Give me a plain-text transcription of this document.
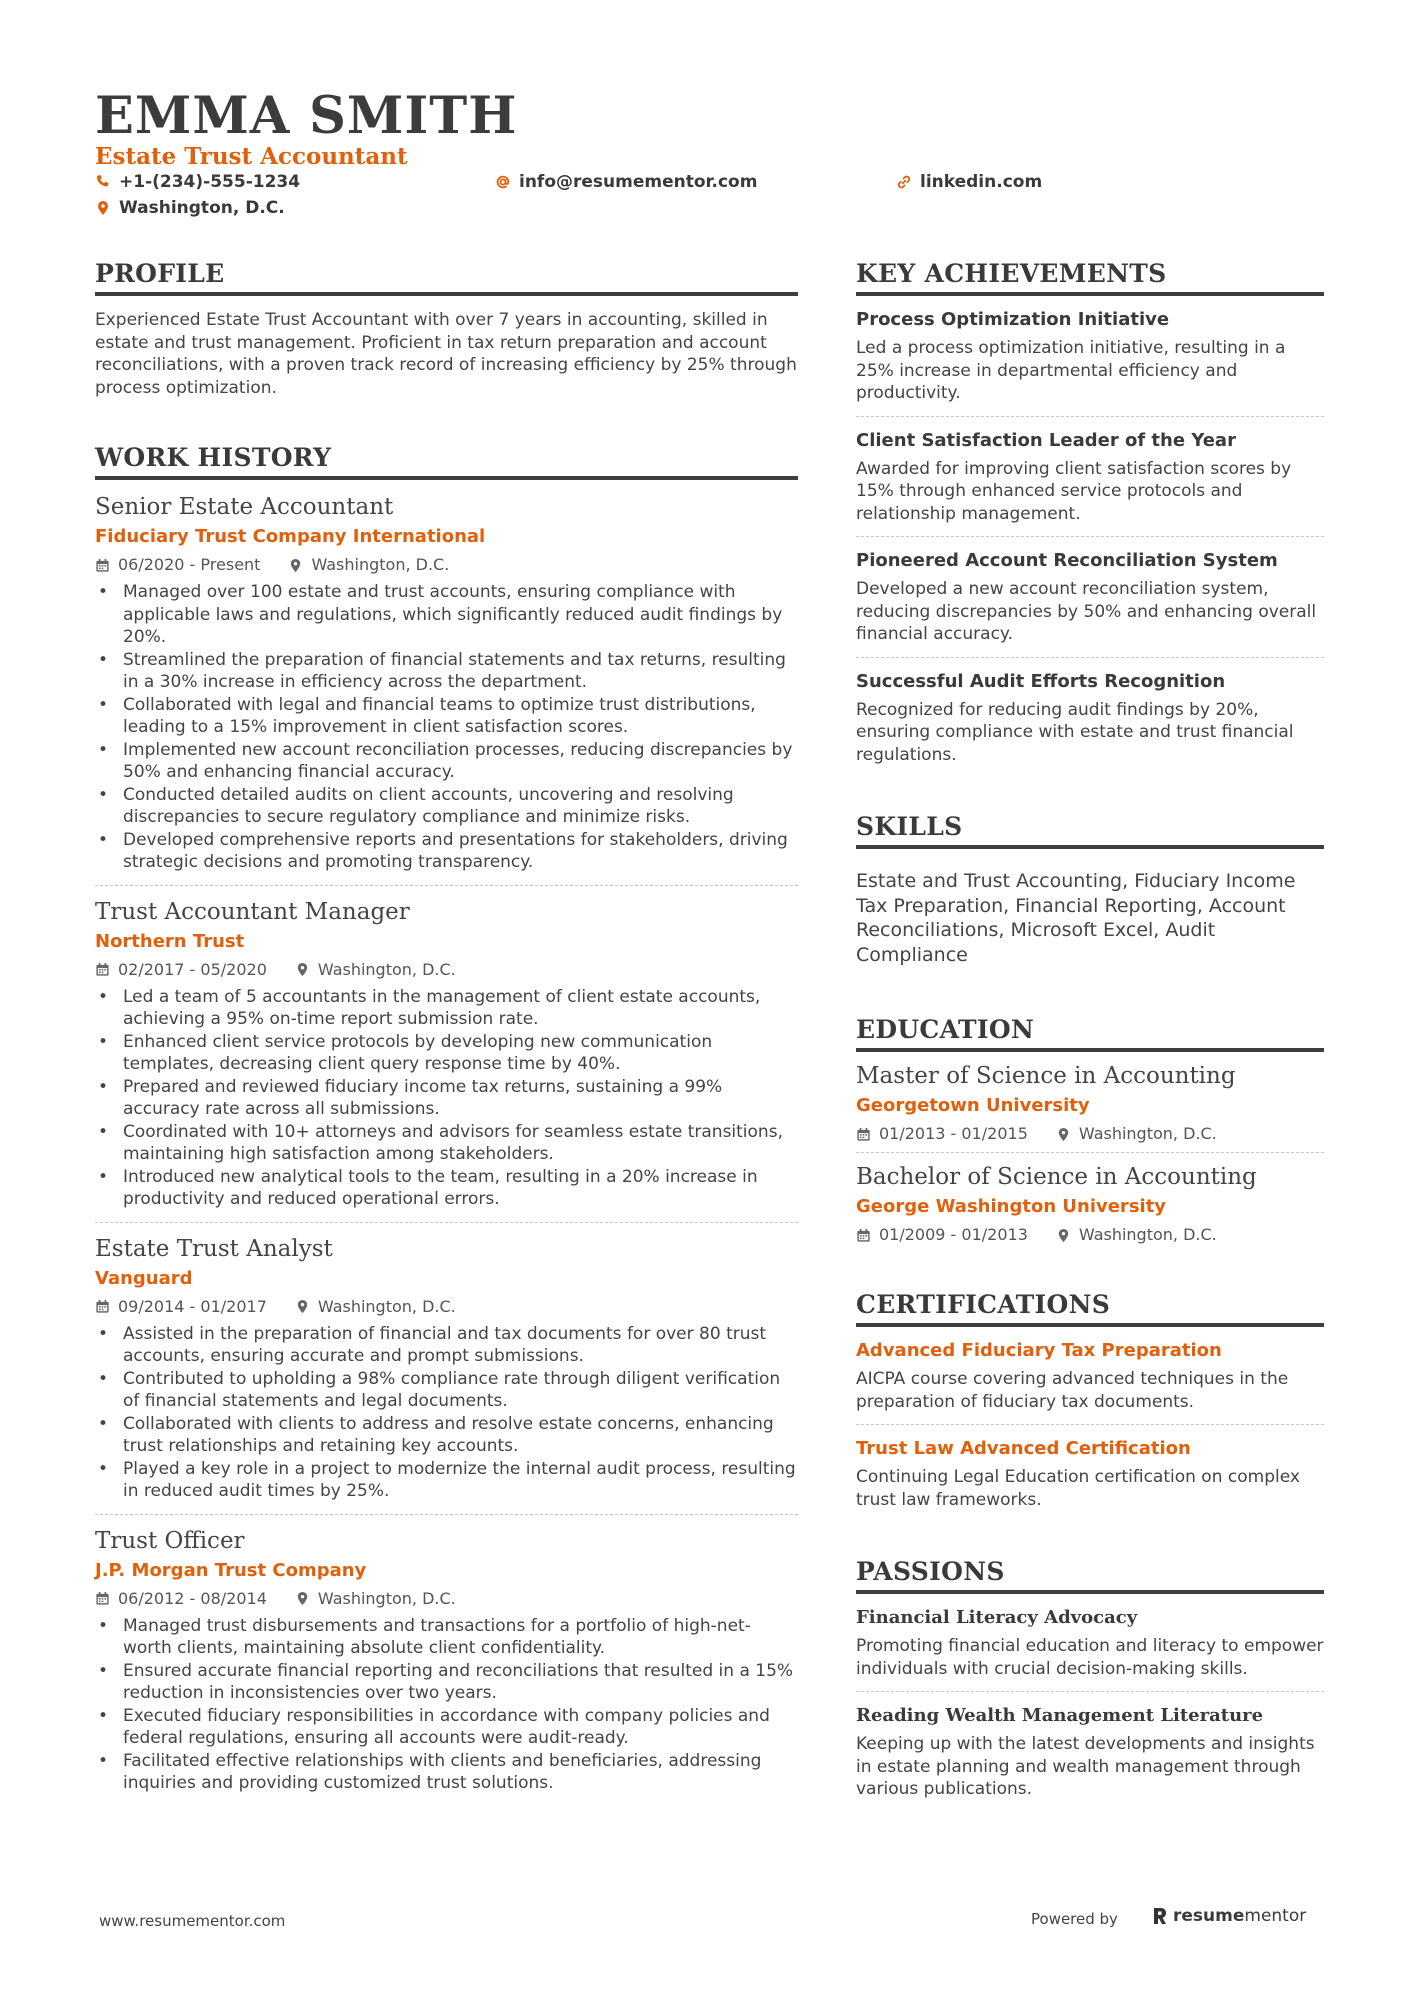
EMMA SMITH
Estate Trust Accountant
+1-(234)-555-1234	info@resumementor.com	linkedin.com
Washington, D.C.
PROFILE
Experienced Estate Trust Accountant with over 7 years in accounting, skilled in estate and trust management. Proficient in tax return preparation and account reconciliations, with a proven track record of increasing efficiency by 25% through process optimization.
WORK HISTORY
Senior Estate Accountant
Fiduciary Trust Company International
06/2020 - Present	Washington, D.C.
• Managed over 100 estate and trust accounts, ensuring compliance with applicable laws and regulations, which significantly reduced audit findings by 20%.
• Streamlined the preparation of financial statements and tax returns, resulting in a 30% increase in efficiency across the department.
• Collaborated with legal and financial teams to optimize trust distributions, leading to a 15% improvement in client satisfaction scores.
• Implemented new account reconciliation processes, reducing discrepancies by 50% and enhancing financial accuracy.
• Conducted detailed audits on client accounts, uncovering and resolving discrepancies to secure regulatory compliance and minimize risks.
• Developed comprehensive reports and presentations for stakeholders, driving strategic decisions and promoting transparency.
Trust Accountant Manager
Northern Trust
02/2017 - 05/2020	Washington, D.C.
• Led a team of 5 accountants in the management of client estate accounts, achieving a 95% on-time report submission rate.
• Enhanced client service protocols by developing new communication templates, decreasing client query response time by 40%.
• Prepared and reviewed fiduciary income tax returns, sustaining a 99% accuracy rate across all submissions.
• Coordinated with 10+ attorneys and advisors for seamless estate transitions, maintaining high satisfaction among stakeholders.
• Introduced new analytical tools to the team, resulting in a 20% increase in productivity and reduced operational errors.
Estate Trust Analyst
Vanguard
09/2014 - 01/2017	Washington, D.C.
• Assisted in the preparation of financial and tax documents for over 80 trust accounts, ensuring accurate and prompt submissions.
• Contributed to upholding a 98% compliance rate through diligent verification of financial statements and legal documents.
• Collaborated with clients to address and resolve estate concerns, enhancing trust relationships and retaining key accounts.
• Played a key role in a project to modernize the internal audit process, resulting in reduced audit times by 25%.
Trust Officer
J.P. Morgan Trust Company
06/2012 - 08/2014	Washington, D.C.
• Managed trust disbursements and transactions for a portfolio of high-net-worth clients, maintaining absolute client confidentiality.
• Ensured accurate financial reporting and reconciliations that resulted in a 15% reduction in inconsistencies over two years.
• Executed fiduciary responsibilities in accordance with company policies and federal regulations, ensuring all accounts were audit-ready.
• Facilitated effective relationships with clients and beneficiaries, addressing inquiries and providing customized trust solutions.
KEY ACHIEVEMENTS
Process Optimization Initiative
Led a process optimization initiative, resulting in a 25% increase in departmental efficiency and productivity.
Client Satisfaction Leader of the Year
Awarded for improving client satisfaction scores by 15% through enhanced service protocols and relationship management.
Pioneered Account Reconciliation System
Developed a new account reconciliation system, reducing discrepancies by 50% and enhancing overall financial accuracy.
Successful Audit Efforts Recognition
Recognized for reducing audit findings by 20%, ensuring compliance with estate and trust financial regulations.
SKILLS
Estate and Trust Accounting, Fiduciary Income Tax Preparation, Financial Reporting, Account Reconciliations, Microsoft Excel, Audit Compliance
EDUCATION
Master of Science in Accounting
Georgetown University
01/2013 - 01/2015	Washington, D.C.
Bachelor of Science in Accounting
George Washington University
01/2009 - 01/2013	Washington, D.C.
CERTIFICATIONS
Advanced Fiduciary Tax Preparation
AICPA course covering advanced techniques in the preparation of fiduciary tax documents.
Trust Law Advanced Certification
Continuing Legal Education certification on complex trust law frameworks.
PASSIONS
Financial Literacy Advocacy
Promoting financial education and literacy to empower individuals with crucial decision-making skills.
Reading Wealth Management Literature
Keeping up with the latest developments and insights in estate planning and wealth management through various publications.
www.resumementor.com	Powered by	resume mentor
